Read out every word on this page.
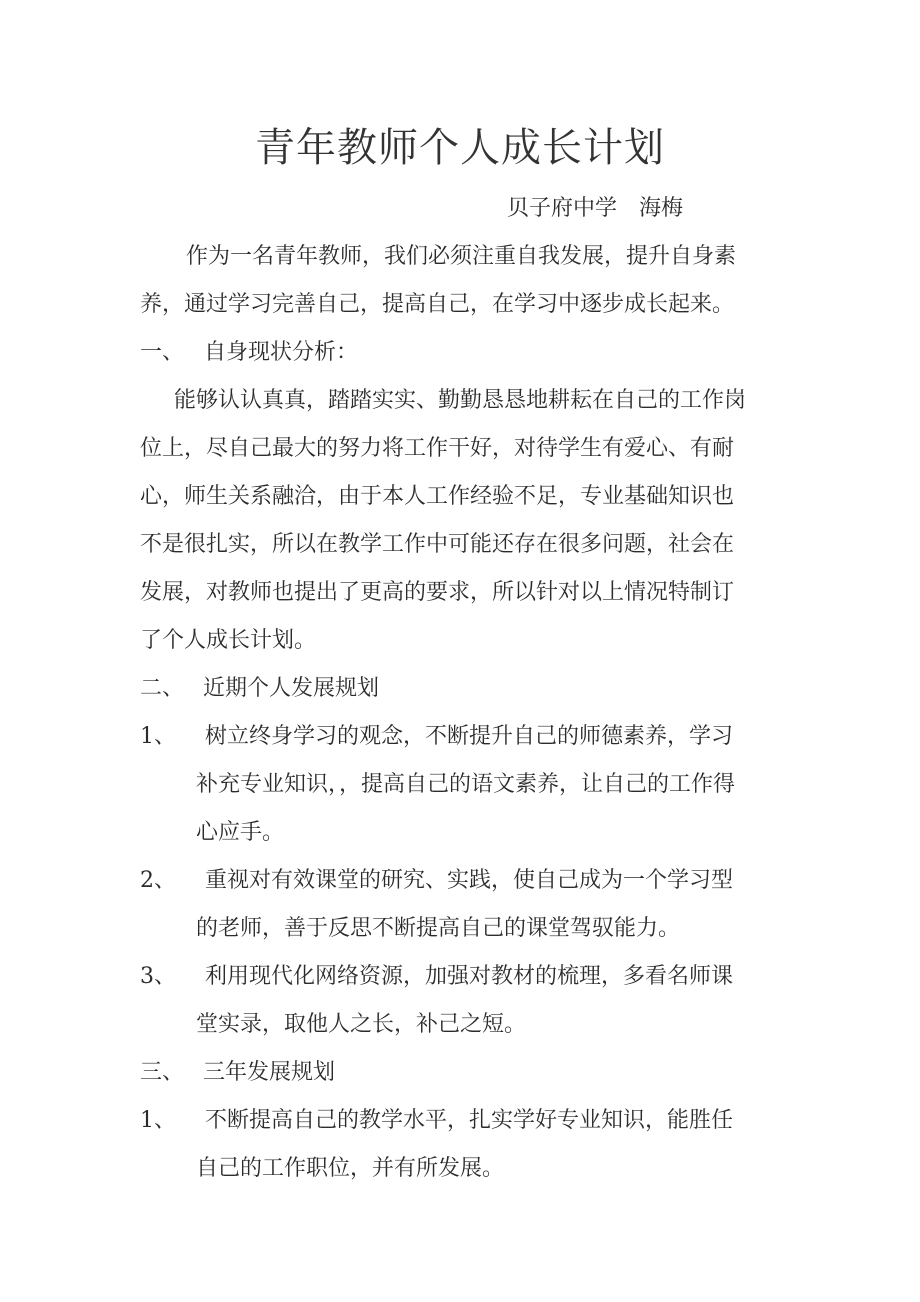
青年教师个人成长计划
贝子府中学　海梅
作为一名青年教师，我们必须注重自我发展，提升自身素
养，通过学习完善自己，提高自己，在学习中逐步成长起来。
一、 自身现状分析：
能够认认真真，踏踏实实、勤勤恳恳地耕耘在自己的工作岗
位上，尽自己最大的努力将工作干好，对待学生有爱心、有耐
心，师生关系融洽，由于本人工作经验不足，专业基础知识也
不是很扎实，所以在教学工作中可能还存在很多问题，社会在
发展，对教师也提出了更高的要求，所以针对以上情况特制订
了个人成长计划。
二、 近期个人发展规划
1、 树立终身学习的观念，不断提升自己的师德素养，学习
补充专业知识，，提高自己的语文素养，让自己的工作得
心应手。
2、 重视对有效课堂的研究、实践，使自己成为一个学习型
的老师，善于反思不断提高自己的课堂驾驭能力。
3、 利用现代化网络资源，加强对教材的梳理，多看名师课
堂实录，取他人之长，补己之短。
三、 三年发展规划
1、 不断提高自己的教学水平，扎实学好专业知识，能胜任
自己的工作职位，并有所发展。
